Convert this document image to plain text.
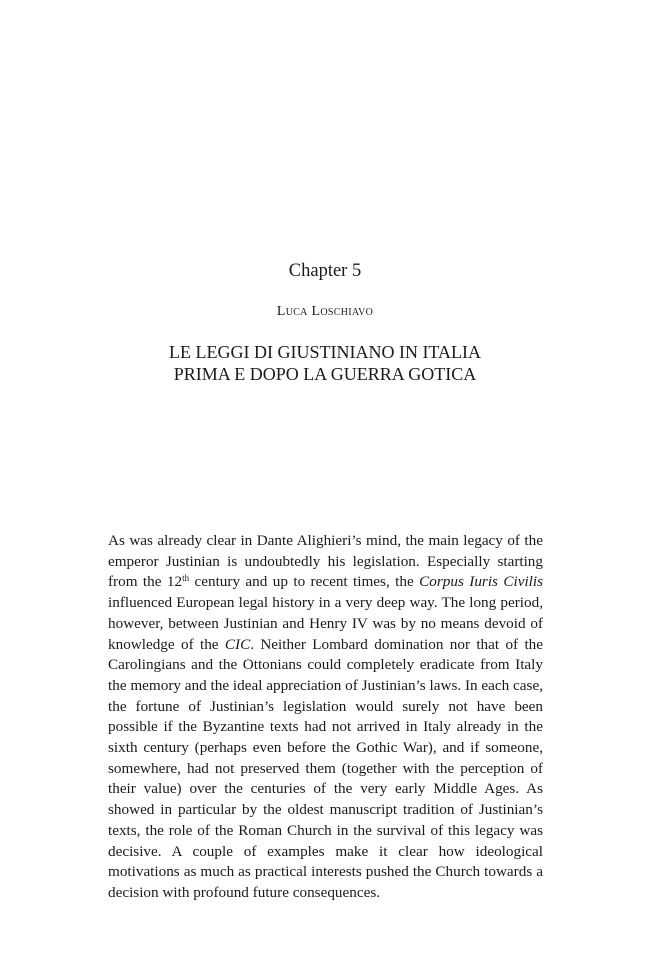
Chapter 5
Luca Loschiavo
LE LEGGI DI GIUSTINIANO IN ITALIA
PRIMA E DOPO LA GUERRA GOTICA

As was already clear in Dante Alighieri’s mind, the main legacy of the emperor Justinian is undoubtedly his legislation. Especially starting from the 12th century and up to recent times, the Corpus Iuris Civilis influenced European legal history in a very deep way. The long period, however, between Justinian and Henry IV was by no means devoid of knowledge of the CIC. Neither Lombard domination nor that of the Carolingians and the Ottonians could completely eradicate from Italy the memory and the ideal appreciation of Justinian’s laws. In each case, the fortune of Justinian’s legislation would surely not have been possible if the Byzantine texts had not arrived in Italy already in the sixth century (perhaps even before the Gothic War), and if someone, somewhere, had not preserved them (together with the perception of their value) over the centuries of the very early Middle Ages. As showed in particular by the oldest manuscript tradition of Justinian’s texts, the role of the Roman Church in the survival of this legacy was decisive. A couple of examples make it clear how ideological motivations as much as practical interests pushed the Church towards a decision with profound future consequences.
